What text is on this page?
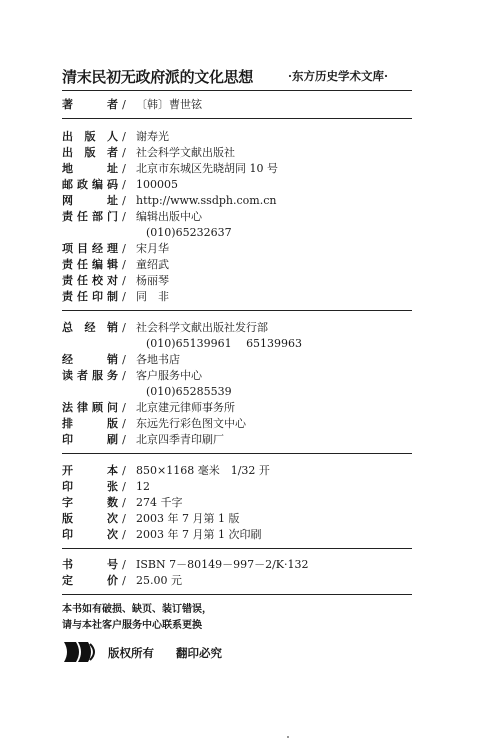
清末民初无政府派的文化思想	·东方历史学术文库·
著者 / 〔韩〕曹世铉
出版人 / 谢寿光
出版者 / 社会科学文献出版社
地址 / 北京市东城区先晓胡同 10 号
邮政编码 / 100005
网址 / http://www.ssdph.com.cn
责任部门 / 编辑出版中心
(010)65232637
项目经理 / 宋月华
责任编辑 / 童绍武
责任校对 / 杨丽琴
责任印制 / 同　非
总经销 / 社会科学文献出版社发行部
(010)65139961　 65139963
经销 / 各地书店
读者服务 / 客户服务中心
(010)65285539
法律顾问 / 北京建元律师事务所
排版 / 东远先行彩色图文中心
印刷 / 北京四季青印刷厂
开本 / 850×1168 毫米　1/32 开
印张 / 12
字数 / 274 千字
版次 / 2003 年 7 月第 1 版
印次 / 2003 年 7 月第 1 次印刷
书号 / ISBN 7－80149－997－2/K·132
定价 / 25.00 元
本书如有破损、缺页、装订错误，
请与本社客户服务中心联系更换
版权所有 翻印必究
